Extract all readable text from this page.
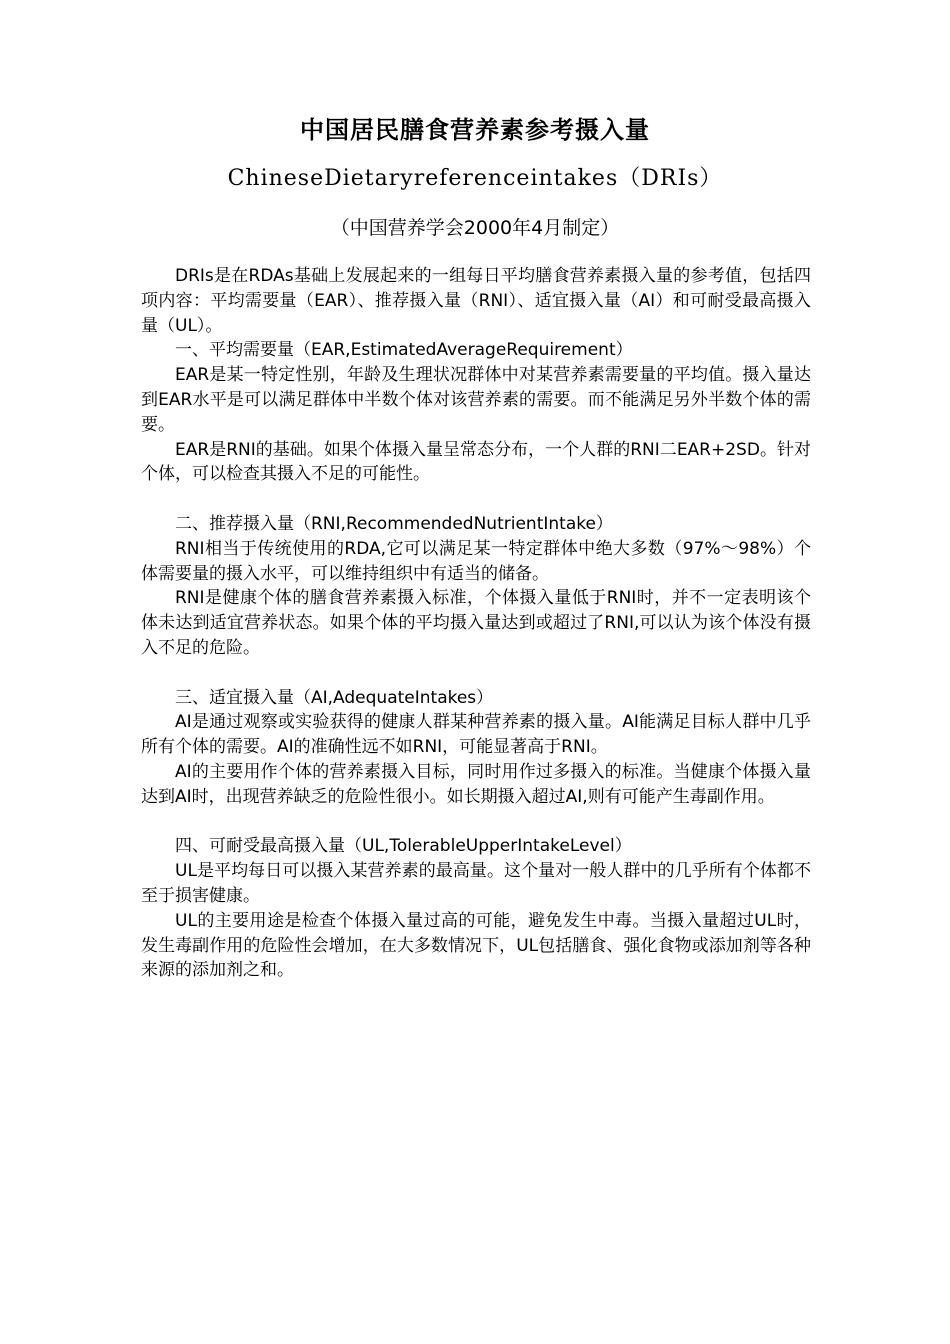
中国居民膳食营养素参考摄入量
ChineseDietaryreferenceintakes（DRIs）
（中国营养学会2000年4月制定）

DRIs是在RDAs基础上发展起来的一组每日平均膳食营养素摄入量的参考值，包括四项内容：平均需要量（EAR）、推荐摄入量（RNI）、适宜摄入量（AI）和可耐受最高摄入量（UL）。

一、平均需要量（EAR,EstimatedAverageRequirement）

EAR是某一特定性别，年龄及生理状况群体中对某营养素需要量的平均值。摄入量达到EAR水平是可以满足群体中半数个体对该营养素的需要。而不能满足另外半数个体的需要。

EAR是RNI的基础。如果个体摄入量呈常态分布，一个人群的RNI二EAR+2SD。针对个体，可以检查其摄入不足的可能性。

二、推荐摄入量（RNI,RecommendedNutrientIntake）

RNI相当于传统使用的RDA,它可以满足某一特定群体中绝大多数（97%〜98%）个体需要量的摄入水平，可以维持组织中有适当的储备。

RNI是健康个体的膳食营养素摄入标准，个体摄入量低于RNI时，并不一定表明该个体未达到适宜营养状态。如果个体的平均摄入量达到或超过了RNI,可以认为该个体没有摄入不足的危险。

三、适宜摄入量（AI,AdequateIntakes）

AI是通过观察或实验获得的健康人群某种营养素的摄入量。AI能满足目标人群中几乎所有个体的需要。AI的准确性远不如RNI，可能显著高于RNI。

AI的主要用作个体的营养素摄入目标，同时用作过多摄入的标准。当健康个体摄入量达到AI时，出现营养缺乏的危险性很小。如长期摄入超过AI,则有可能产生毒副作用。

四、可耐受最高摄入量（UL,TolerableUpperIntakeLevel）

UL是平均每日可以摄入某营养素的最高量。这个量对一般人群中的几乎所有个体都不至于损害健康。

UL的主要用途是检查个体摄入量过高的可能，避免发生中毒。当摄入量超过UL时，发生毒副作用的危险性会增加，在大多数情况下，UL包括膳食、强化食物或添加剂等各种来源的添加剂之和。
